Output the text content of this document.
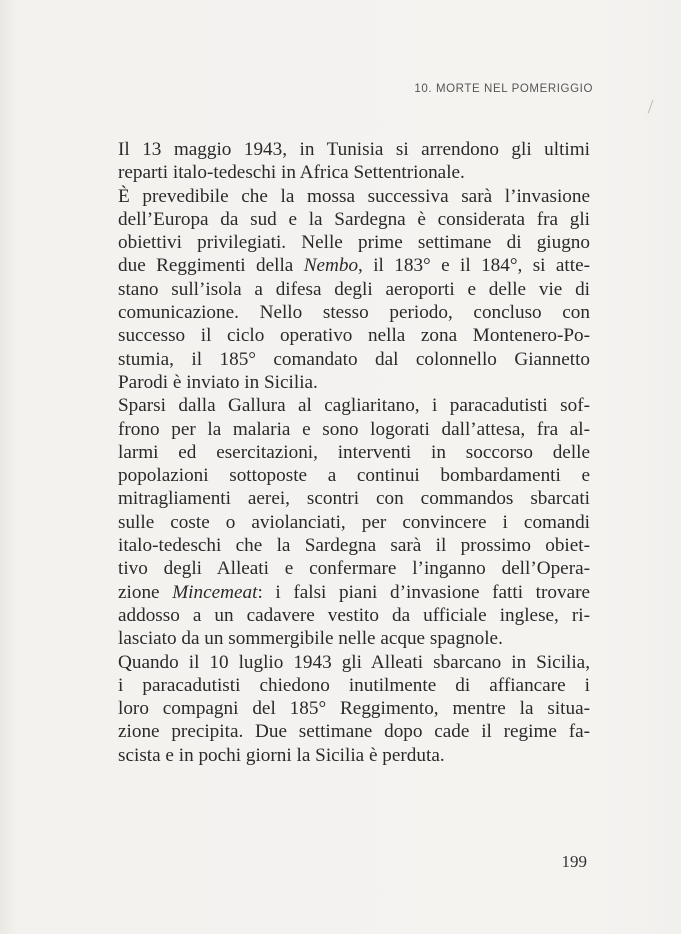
10. MORTE NEL POMERIGGIO
Il 13 maggio 1943, in Tunisia si arrendono gli ultimi
reparti italo-tedeschi in Africa Settentrionale.
È prevedibile che la mossa successiva sarà l’invasione
dell’Europa da sud e la Sardegna è considerata fra gli
obiettivi privilegiati. Nelle prime settimane di giugno
due Reggimenti della Nembo, il 183° e il 184°, si atte-
stano sull’isola a difesa degli aeroporti e delle vie di
comunicazione. Nello stesso periodo, concluso con
successo il ciclo operativo nella zona Montenero-Po-
stumia, il 185° comandato dal colonnello Giannetto
Parodi è inviato in Sicilia.
Sparsi dalla Gallura al cagliaritano, i paracadutisti sof-
frono per la malaria e sono logorati dall’attesa, fra al-
larmi ed esercitazioni, interventi in soccorso delle
popolazioni sottoposte a continui bombardamenti e
mitragliamenti aerei, scontri con commandos sbarcati
sulle coste o aviolanciati, per convincere i comandi
italo-tedeschi che la Sardegna sarà il prossimo obiet-
tivo degli Alleati e confermare l’inganno dell’Opera-
zione Mincemeat: i falsi piani d’invasione fatti trovare
addosso a un cadavere vestito da ufficiale inglese, ri-
lasciato da un sommergibile nelle acque spagnole.
Quando il 10 luglio 1943 gli Alleati sbarcano in Sicilia,
i paracadutisti chiedono inutilmente di affiancare i
loro compagni del 185° Reggimento, mentre la situa-
zione precipita. Due settimane dopo cade il regime fa-
scista e in pochi giorni la Sicilia è perduta.
199
